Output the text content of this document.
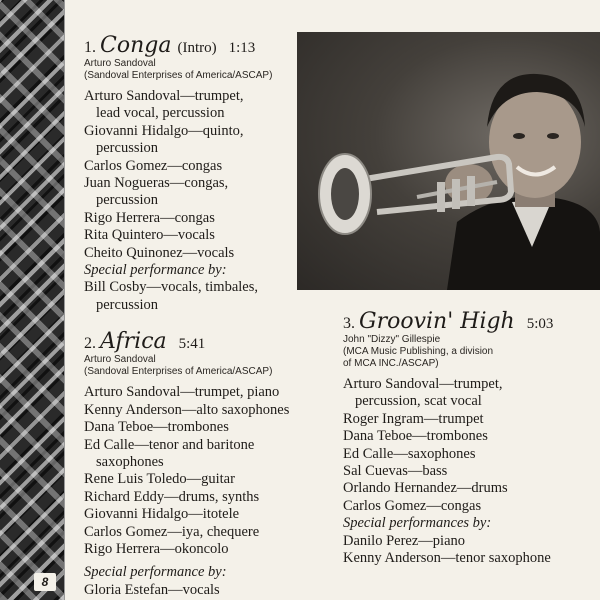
8
1. Conga (Intro) 1:13
Arturo Sandoval
(Sandoval Enterprises of America/ASCAP)
Arturo Sandoval—trumpet,
lead vocal, percussion
Giovanni Hidalgo—quinto,
percussion
Carlos Gomez—congas
Juan Nogueras—congas,
percussion
Rigo Herrera—congas
Rita Quintero—vocals
Cheito Quinonez—vocals
Special performance by:
Bill Cosby—vocals, timbales,
percussion
2. Africa 5:41
Arturo Sandoval
(Sandoval Enterprises of America/ASCAP)
Arturo Sandoval—trumpet, piano
Kenny Anderson—alto saxophones
Dana Teboe—trombones
Ed Calle—tenor and baritone
saxophones
Rene Luis Toledo—guitar
Richard Eddy—drums, synths
Giovanni Hidalgo—itotele
Carlos Gomez—iya, chequere
Rigo Herrera—okoncolo
Special performance by:
Gloria Estefan—vocals
3. Groovin' High 5:03
John "Dizzy" Gillespie
(MCA Music Publishing, a division
of MCA INC./ASCAP)
Arturo Sandoval—trumpet,
percussion, scat vocal
Roger Ingram—trumpet
Dana Teboe—trombones
Ed Calle—saxophones
Sal Cuevas—bass
Orlando Hernandez—drums
Carlos Gomez—congas
Special performances by:
Danilo Perez—piano
Kenny Anderson—tenor saxophone
